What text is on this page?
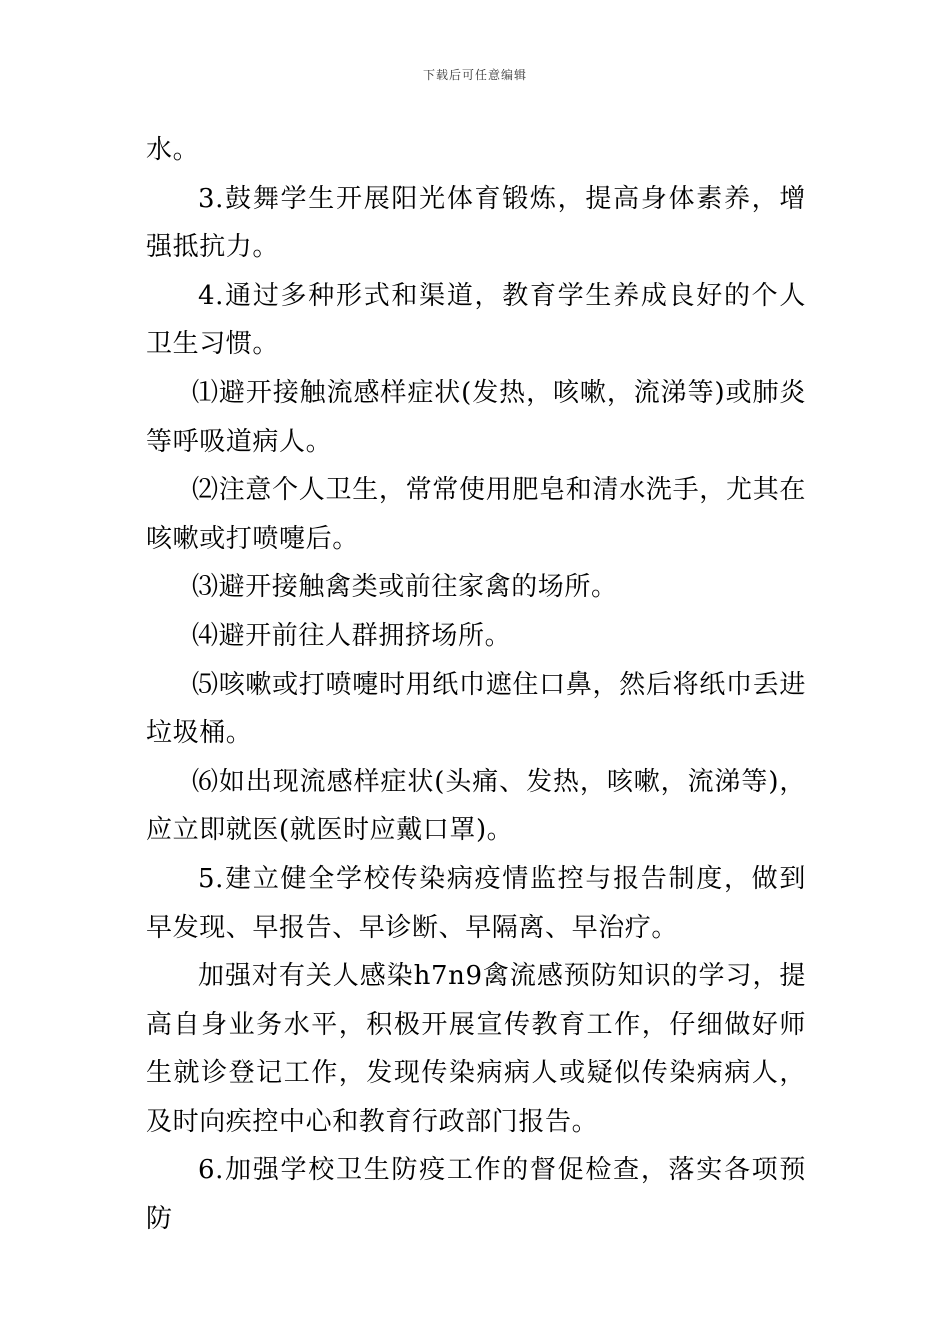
下载后可任意编辑

水。

3.鼓舞学生开展阳光体育锻炼，提高身体素养，增强抵抗力。

4.通过多种形式和渠道，教育学生养成良好的个人卫生习惯。

⑴避开接触流感样症状(发热，咳嗽，流涕等)或肺炎等呼吸道病人。

⑵注意个人卫生，常常使用肥皂和清水洗手，尤其在咳嗽或打喷嚏后。

⑶避开接触禽类或前往家禽的场所。

⑷避开前往人群拥挤场所。

⑸咳嗽或打喷嚏时用纸巾遮住口鼻，然后将纸巾丢进垃圾桶。

⑹如出现流感样症状(头痛、发热，咳嗽，流涕等)，应立即就医(就医时应戴口罩)。

5.建立健全学校传染病疫情监控与报告制度，做到早发现、早报告、早诊断、早隔离、早治疗。

加强对有关人感染h7n9禽流感预防知识的学习，提高自身业务水平，积极开展宣传教育工作，仔细做好师生就诊登记工作，发现传染病病人或疑似传染病病人，及时向疾控中心和教育行政部门报告。

6.加强学校卫生防疫工作的督促检查，落实各项预防
